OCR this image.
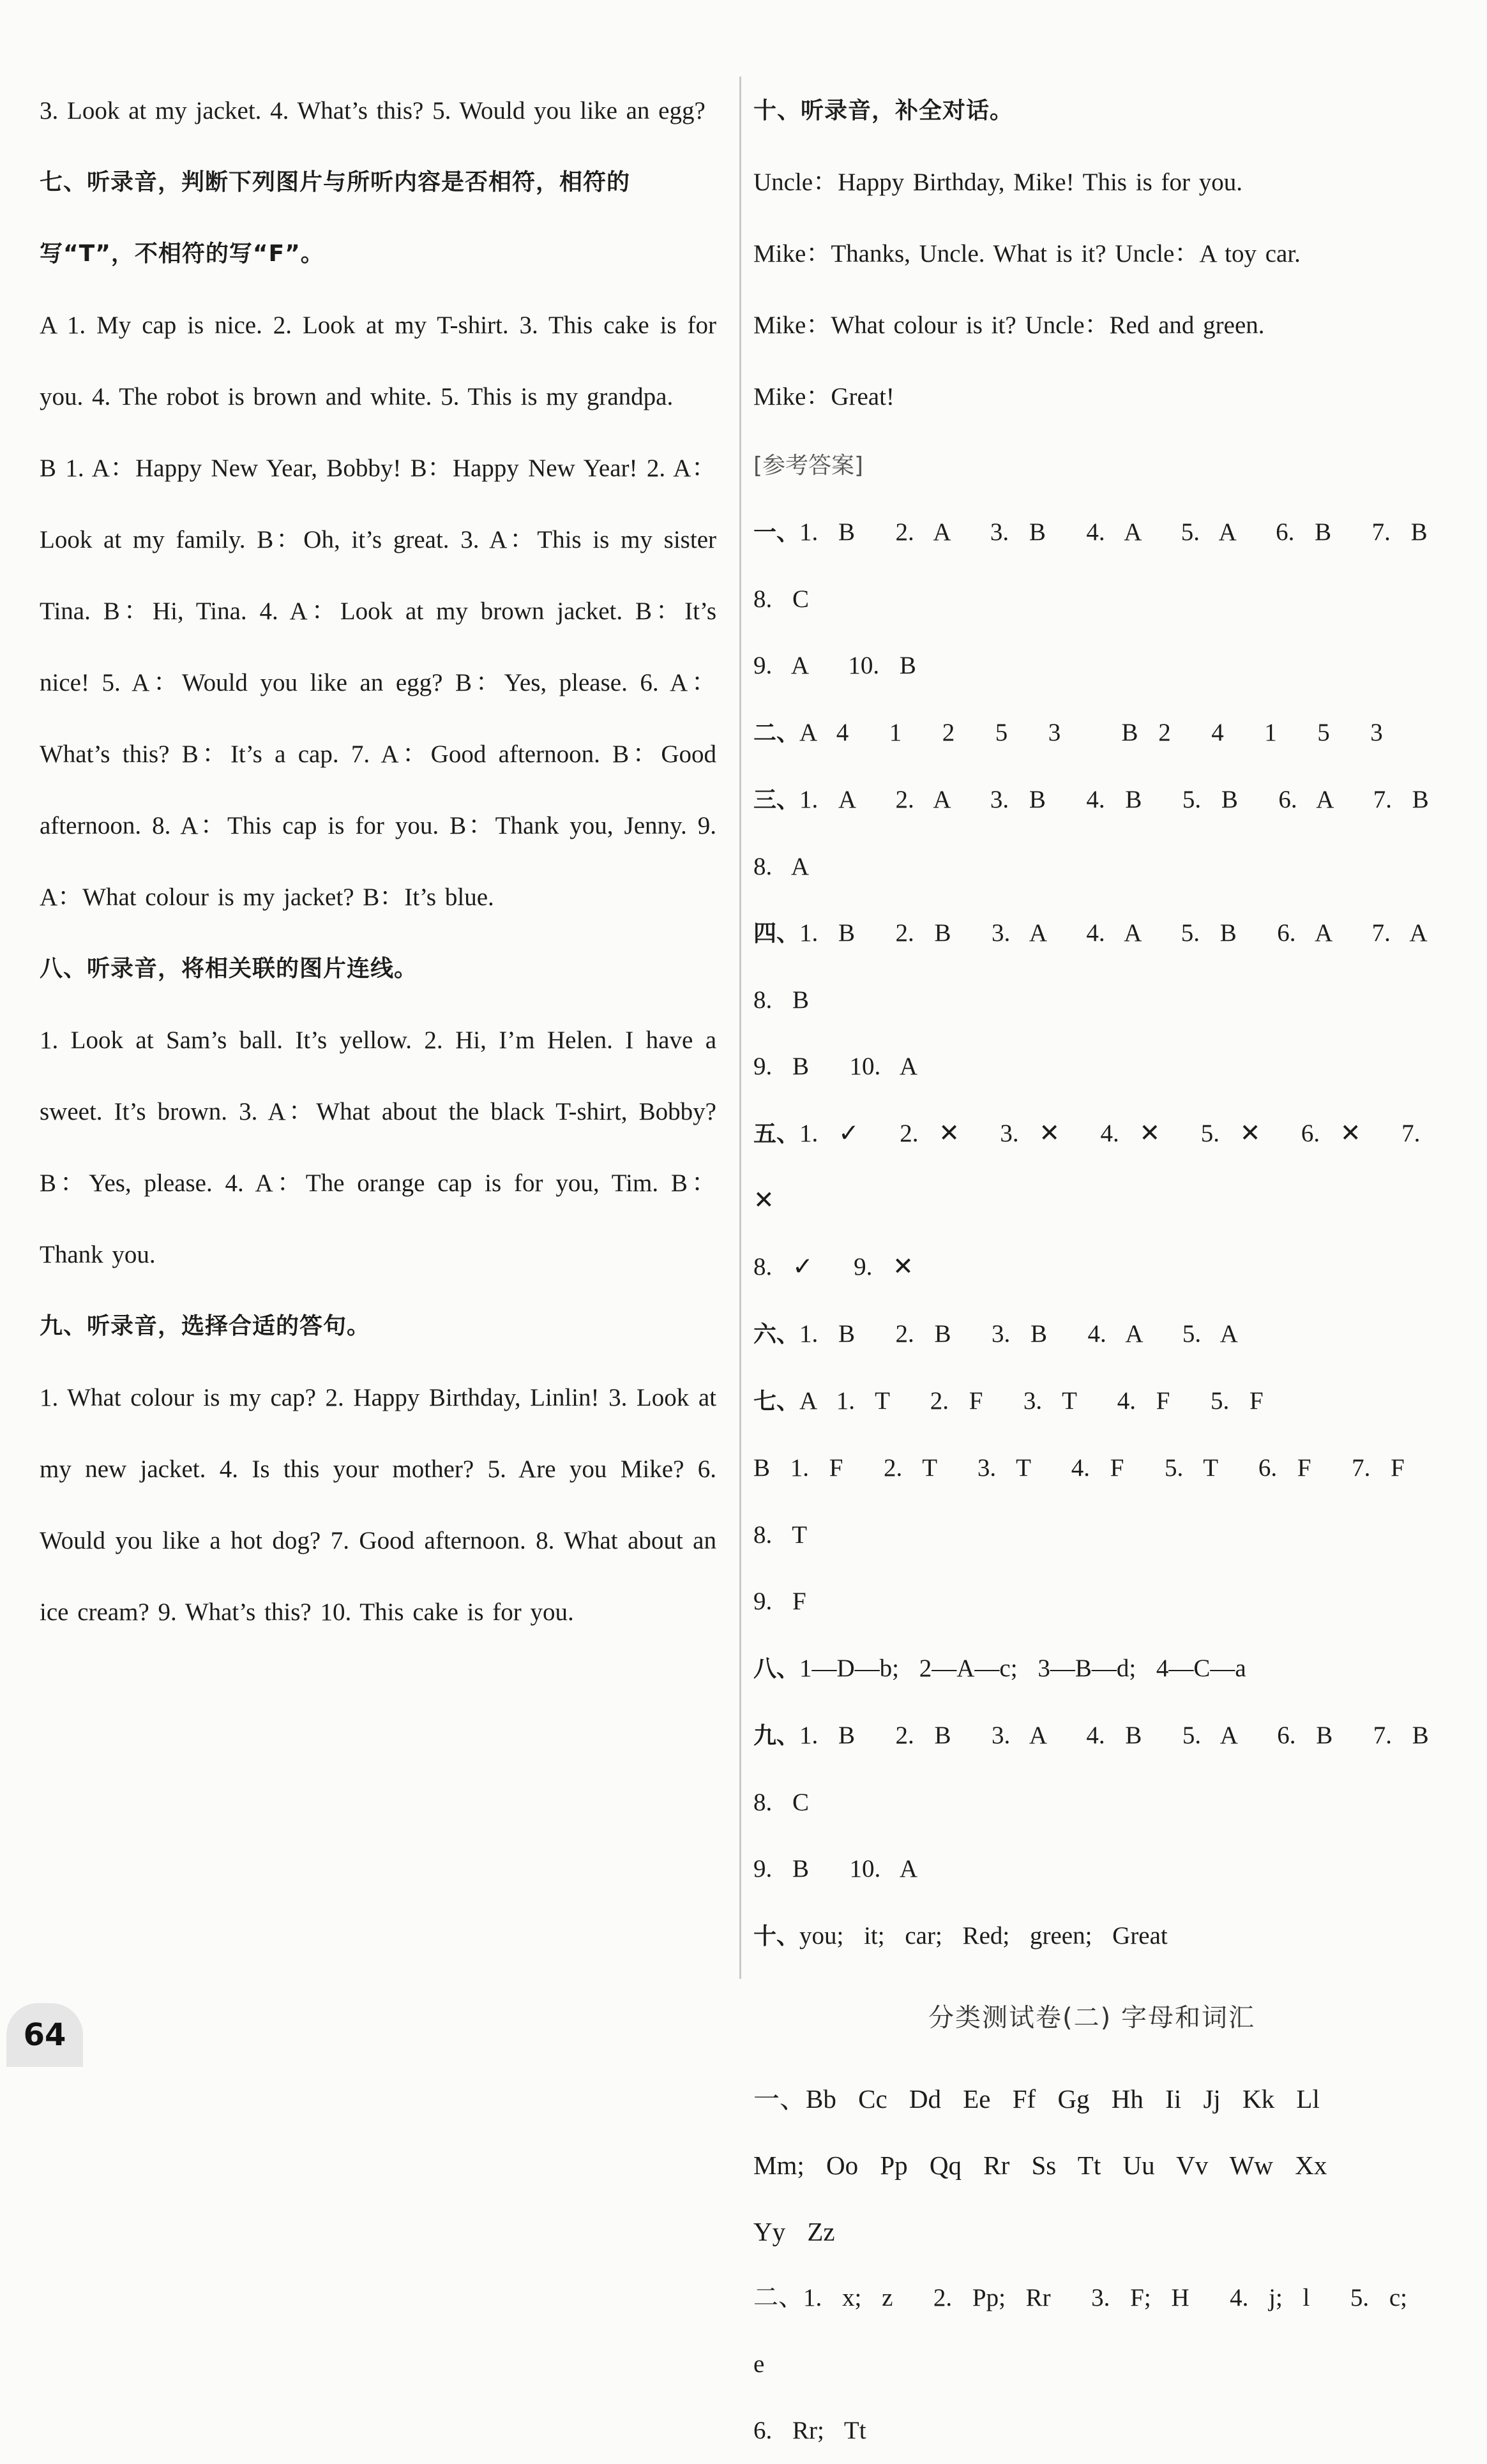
3. Look at my jacket. 4. What’s this? 5. Would you like an egg?

七、听录音，判断下列图片与所听内容是否相符，相符的写“T”，不相符的写“F”。

A 1. My cap is nice. 2. Look at my T-shirt. 3. This cake is for you. 4. The robot is brown and white. 5. This is my grandpa.

B 1. A：Happy New Year, Bobby! B：Happy New Year! 2. A：Look at my family. B：Oh, it’s great. 3. A：This is my sister Tina. B：Hi, Tina. 4. A：Look at my brown jacket. B：It’s nice! 5. A：Would you like an egg? B：Yes, please. 6. A：What’s this? B：It’s a cap. 7. A：Good afternoon. B：Good afternoon. 8. A：This cap is for you. B：Thank you, Jenny. 9. A：What colour is my jacket? B：It’s blue.

八、听录音，将相关联的图片连线。

1. Look at Sam’s ball. It’s yellow. 2. Hi, I’m Helen. I have a sweet. It’s brown. 3. A：What about the black T-shirt, Bobby? B：Yes, please. 4. A：The orange cap is for you, Tim. B：Thank you.

九、听录音，选择合适的答句。

1. What colour is my cap? 2. Happy Birthday, Linlin! 3. Look at my new jacket. 4. Is this your mother? 5. Are you Mike? 6. Would you like a hot dog? 7. Good afternoon. 8. What about an ice cream? 9. What’s this? 10. This cake is for you.

十、听录音，补全对话。

Uncle：Happy Birthday, Mike! This is for you.

Mike：Thanks, Uncle. What is it? Uncle：A toy car.

Mike：What colour is it? Uncle：Red and green.

Mike：Great!

[参考答案]

一、1. B  2. A  3. B  4. A  5. A  6. B  7. B  8. C

9. A  10. B

二、A 4  1  2  5  3   B 2  4  1  5  3

三、1. A  2. A  3. B  4. B  5. B  6. A  7. B  8. A

四、1. B  2. B  3. A  4. A  5. B  6. A  7. A  8. B

9. B  10. A

五、1. ✓  2. ✕  3. ✕  4. ✕  5. ✕  6. ✕  7. ✕

8. ✓  9. ✕

六、1. B  2. B  3. B  4. A  5. A

七、A 1. T  2. F  3. T  4. F  5. F

B 1. F  2. T  3. T  4. F  5. T  6. F  7. F  8. T

9. F

八、1—D—b; 2—A—c; 3—B—d; 4—C—a

九、1. B  2. B  3. A  4. B  5. A  6. B  7. B  8. C

9. B  10. A

十、you; it; car; Red; green; Great

分类测试卷(二) 字母和词汇

一、Bb Cc Dd Ee Ff Gg Hh Ii Jj Kk Ll

Mm; Oo Pp Qq Rr Ss Tt Uu Vv Ww Xx

Yy Zz

二、1. x; z  2. Pp; Rr  3. F; H  4. j; l  5. c; e

6. Rr; Tt

64
